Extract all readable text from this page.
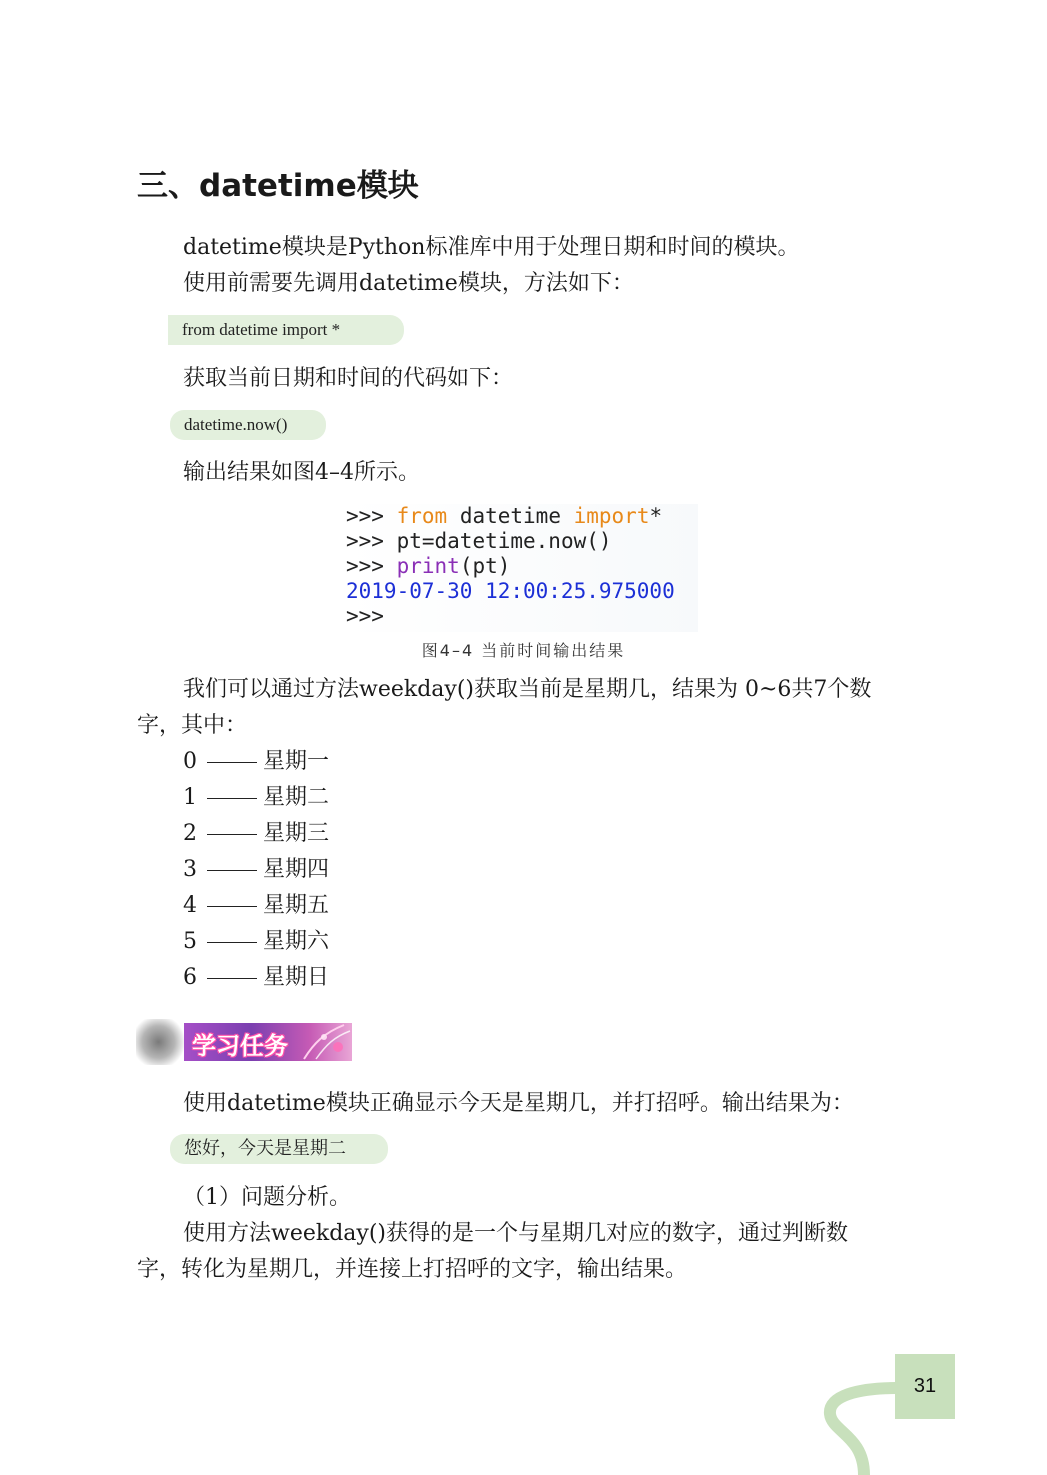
三、datetime模块
datetime模块是Python标准库中用于处理日期和时间的模块。
使用前需要先调用datetime模块，方法如下：
from datetime import *
获取当前日期和时间的代码如下：
datetime.now()
输出结果如图4–4所示。
>>> from datetime import*
>>> pt=datetime.now()
>>> print(pt)
2019-07-30 12:00:25.975000
>>>
图4–4 当前时间输出结果
我们可以通过方法weekday()获取当前是星期几，结果为 0~6共7个数
字，其中：
0	星期一
1	星期二
2	星期三
3	星期四
4	星期五
5	星期六
6	星期日
学习任务
使用datetime模块正确显示今天是星期几，并打招呼。输出结果为：
您好，今天是星期二
（1）问题分析。
使用方法weekday()获得的是一个与星期几对应的数字，通过判断数
字，转化为星期几，并连接上打招呼的文字，输出结果。
31
